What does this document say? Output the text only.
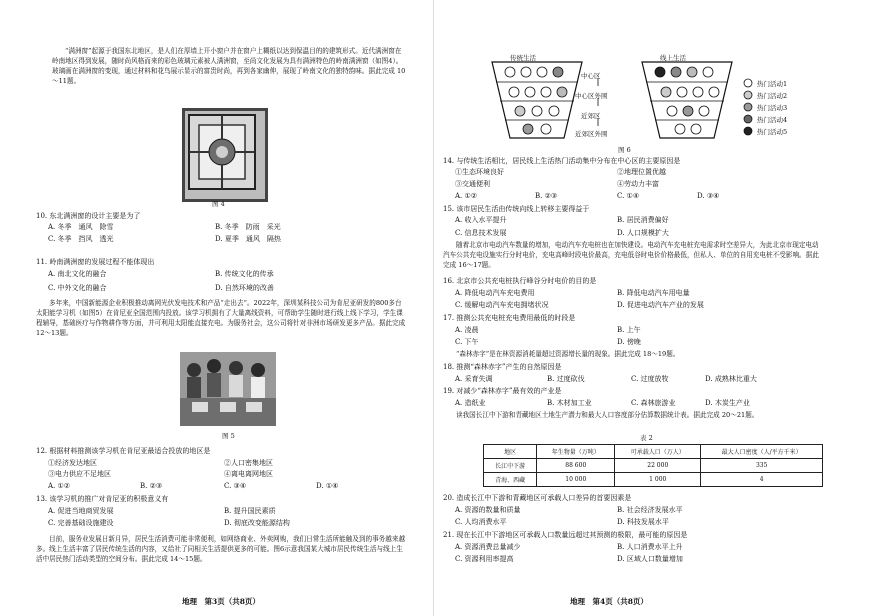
“满洲窗”起源于我国东北地区，是人们在厚墙上开小窗户并在窗户上糊纸以达到保温目的的建筑形式。近代满洲窗在岭南地区得到发展，随时尚风格而来的彩色玻璃元素被人满洲窗，至尚文化发展为具有满洲特色的岭南满洲窗（如图4）。玻璃画在满洲窗的变现，通过材料和花鸟展示显示的富贵时尚，再到各家幽伸，展现了岭南文化的独特韵味。据此完成 10～11题。
图 4
10. 东北满洲窗的设计主要是为了
A. 冬季　通风　除雪	B. 冬季　防雨　采光
C. 冬季　挡风　透光	D. 夏季　通风　隔热
11. 岭南满洲窗的发展过程不能体现出
A. 南北文化的融合	B. 传统文化的传承
C. 中外文化的融合	D. 自然环境的改善
多年来，中国新能源企业积极推动离网光伏发电技术和产品“走出去”。2022年，深圳某科技公司为肯尼亚研发的800多台太阳能学习机（如图5）在肯尼亚全国范围内投放。该学习机拥有了大量离线资料，可帮助学生随时进行线上线下学习，学生课程辅导，基础医疗与作物耕作等方面，并可利用太阳能直接充电。为服务社会，这公司将针对非洲市场研发更多产品。据此完成 12～13题。
图 5
12. 根据材料推测该学习机在肯尼亚最适合投放的地区是
①经济发达地区	②人口密集地区
③电力供应不足地区	④离电离网地区
A. ①②	B. ②③	C. ③④	D. ①④
13. 该学习机的推广对肯尼亚的积极意义有
A. 促进当地商贸发展	B. 提升国民素质
C. 完善基础设施建设	D. 彻底改变能源结构
目前，服务业发展日新月异，居民生活消费可能非常便利，如网络商业、外卖网购，我们日常生活所能触及到的事务越来越多。线上生活丰富了居民传统生活的内容，又给社了同相关生活提供更多的可能。图6示意我国某大城市居民传统生活与线上生活中居民热门活动类型的空间分布。据此完成 14～15题。
地理　第3页（共8页）
传统生活	线上生活
中心区
中心区外围
近郊区
近郊区外围
热门活动1
热门活动2
热门活动3
热门活动4
热门活动5
图 6
14. 与传统生活相比，居民线上生活热门活动集中分布在中心区的主要原因是
①生态环境良好	②地理位置优越
③交通便利	④劳动力丰富
A. ①②	B. ②③	C. ①④	D. ③④
15. 该市居民生活由传统向线上转移主要得益于
A. 收入水平提升	B. 居民消费偏好
C. 信息技术发展	D. 人口规模扩大
随着北京市电动汽车数量的增加，电动汽车充电桩也在加快建设。电动汽车充电桩充电需求时空差异大，为此北京市现定电动汽车公共充电设施实行分时电价，充电高峰时段电价最高，充电低谷时电价价格最低，但私人、单位的自用充电桩不受影响。据此完成 16～17题。
16. 北京市公共充电桩执行峰谷分时电价的目的是
A. 降低电动汽车充电费用	B. 降低电动汽车用电量
C. 缓解电动汽车充电拥堵状况	D. 促进电动汽车产业的发展
17. 推测公共充电桩充电费用最低的时段是
A. 凌晨	B. 上午
C. 下午	D. 傍晚
“森林赤字”是在林资源消耗量超过资源增长量的现象。据此完成 18～19题。
18. 推测“森林赤字”产生的自然原因是
A. 采育失调	B. 过度砍伐	C. 过度放牧	D. 成熟林比重大
19. 对减少“森林赤字”最有效的产业是
A. 造纸业	B. 木材加工业	C. 森林旅游业	D. 木炭生产业
读我国长江中下游和青藏地区土地生产潜力和最大人口容度部分估算数据统计表。据此完成 20～21题。
表 2
地区	年生物量（万吨）	可承载人口（万人）	最大人口密度（人/平方千米）
长江中下游	88 600	22 000	335
青海、西藏	10 000	1 000	4
20. 造成长江中下游和青藏地区可承载人口差异的首要因素是
A. 资源的数量和质量	B. 社会经济发展水平
C. 人均消费水平	D. 科技发展水平
21. 现在长江中下游地区可承载人口数量远超过其预测的极限，最可能的原因是
A. 资源消费总量减少	B. 人口消费水平上升
C. 资源利用率提高	D. 区域人口数量增加
地理　第4页（共8页）
